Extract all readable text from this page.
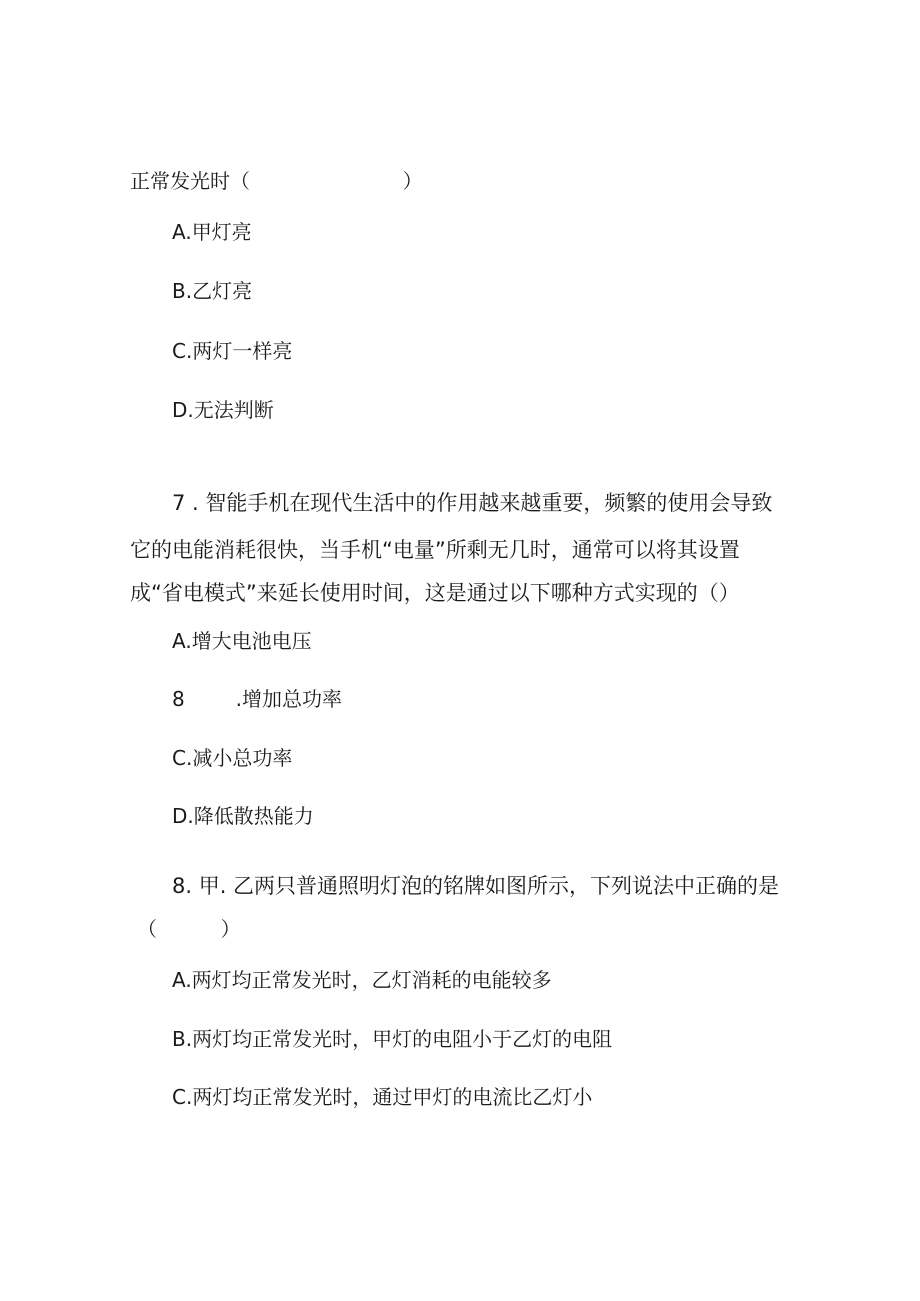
正常发光时（                        ）

A.甲灯亮

B.乙灯亮

C.两灯一样亮

D.无法判断

7 . 智能手机在现代生活中的作用越来越重要，频繁的使用会导致

它的电能消耗很快，当手机“电量”所剩无几时，通常可以将其设置

成“省电模式”来延长使用时间，这是通过以下哪种方式实现的（）

A.增大电池电压

8        .增加总功率

C.减小总功率

D.降低散热能力

8. 甲. 乙两只普通照明灯泡的铭牌如图所示，下列说法中正确的是

（          ）

A.两灯均正常发光时，乙灯消耗的电能较多

B.两灯均正常发光时，甲灯的电阻小于乙灯的电阻

C.两灯均正常发光时，通过甲灯的电流比乙灯小
